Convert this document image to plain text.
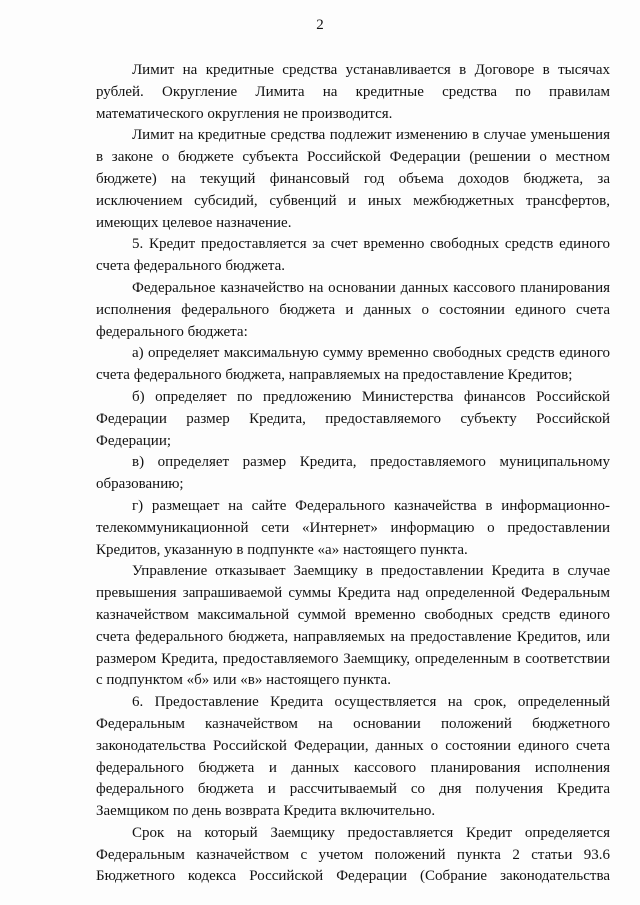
2

Лимит на кредитные средства устанавливается в Договоре в тысячах рублей. Округление Лимита на кредитные средства по правилам математического округления не производится.

Лимит на кредитные средства подлежит изменению в случае уменьшения в законе о бюджете субъекта Российской Федерации (решении о местном бюджете) на текущий финансовый год объема доходов бюджета, за исключением субсидий, субвенций и иных межбюджетных трансфертов, имеющих целевое назначение.

5. Кредит предоставляется за счет временно свободных средств единого счета федерального бюджета.

Федеральное казначейство на основании данных кассового планирования исполнения федерального бюджета и данных о состоянии единого счета федерального бюджета:

а) определяет максимальную сумму временно свободных средств единого счета федерального бюджета, направляемых на предоставление Кредитов;

б) определяет по предложению Министерства финансов Российской Федерации размер Кредита, предоставляемого субъекту Российской Федерации;

в) определяет размер Кредита, предоставляемого муниципальному образованию;

г) размещает на сайте Федерального казначейства в информационно-телекоммуникационной сети «Интернет» информацию о предоставлении Кредитов, указанную в подпункте «а» настоящего пункта.

Управление отказывает Заемщику в предоставлении Кредита в случае превышения запрашиваемой суммы Кредита над определенной Федеральным казначейством максимальной суммой временно свободных средств единого счета федерального бюджета, направляемых на предоставление Кредитов, или размером Кредита, предоставляемого Заемщику, определенным в соответствии с подпунктом «б» или «в» настоящего пункта.

6. Предоставление Кредита осуществляется на срок, определенный Федеральным казначейством на основании положений бюджетного законодательства Российской Федерации, данных о состоянии единого счета федерального бюджета и данных кассового планирования исполнения федерального бюджета и рассчитываемый со дня получения Кредита Заемщиком по день возврата Кредита включительно.

Срок на который Заемщику предоставляется Кредит определяется Федеральным казначейством с учетом положений пункта 2 статьи 93.6 Бюджетного кодекса Российской Федерации (Собрание законодательства
